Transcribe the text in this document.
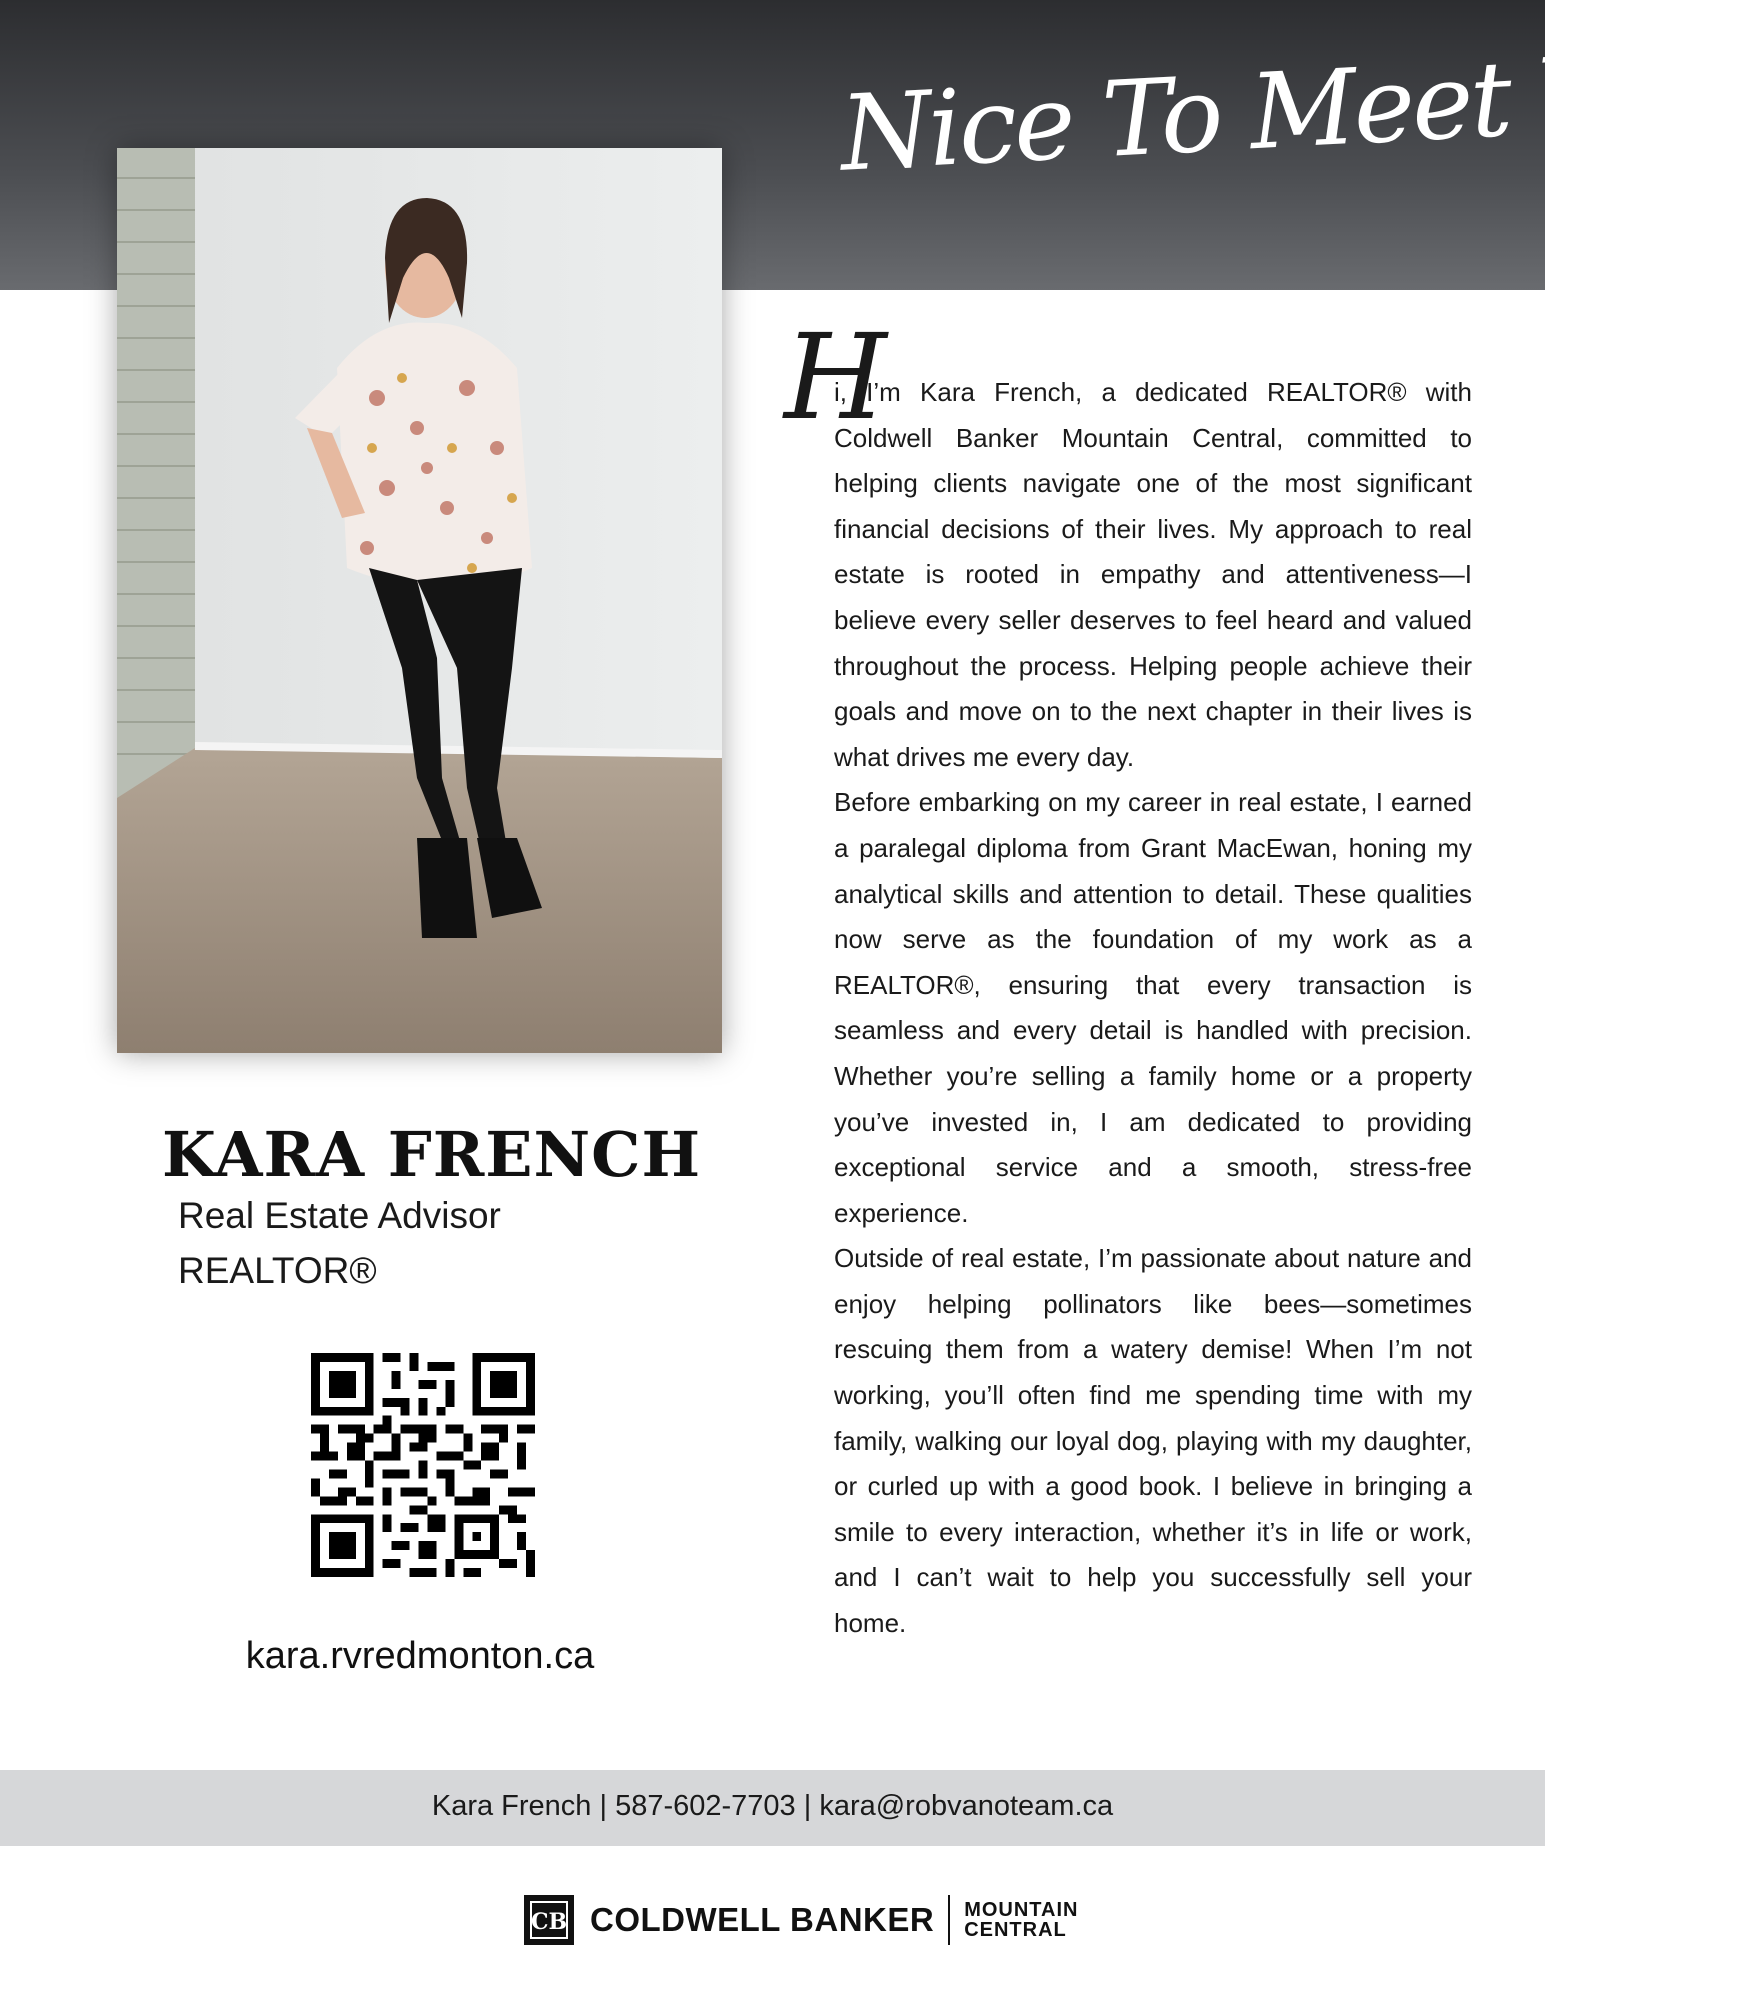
Nice To Meet You!
KARA FRENCH
Real Estate Advisor
REALTOR®
kara.rvredmonton.ca
H

i, I’m Kara French, a dedicated REALTOR® with Coldwell Banker Mountain Central, committed to helping clients navigate one of the most significant financial decisions of their lives. My approach to real estate is rooted in empathy and attentiveness—I believe every seller deserves to feel heard and valued throughout the process. Helping people achieve their goals and move on to the next chapter in their lives is what drives me every day.

Before embarking on my career in real estate, I earned a paralegal diploma from Grant MacEwan, honing my analytical skills and attention to detail. These qualities now serve as the foundation of my work as a REALTOR®, ensuring that every transaction is seamless and every detail is handled with precision. Whether you’re selling a family home or a property you’ve invested in, I am dedicated to providing exceptional service and a smooth, stress-free experience.

Outside of real estate, I’m passionate about nature and enjoy helping pollinators like bees—sometimes rescuing them from a watery demise! When I’m not working, you’ll often find me spending time with my family, walking our loyal dog, playing with my daughter, or curled up with a good book. I believe in bringing a smile to every interaction, whether it’s in life or work, and I can’t wait to help you successfully sell your home.

Kara French | 587-602-7703 | kara@robvanoteam.ca
CB COLDWELL BANKER MOUNTAIN
CENTRAL
